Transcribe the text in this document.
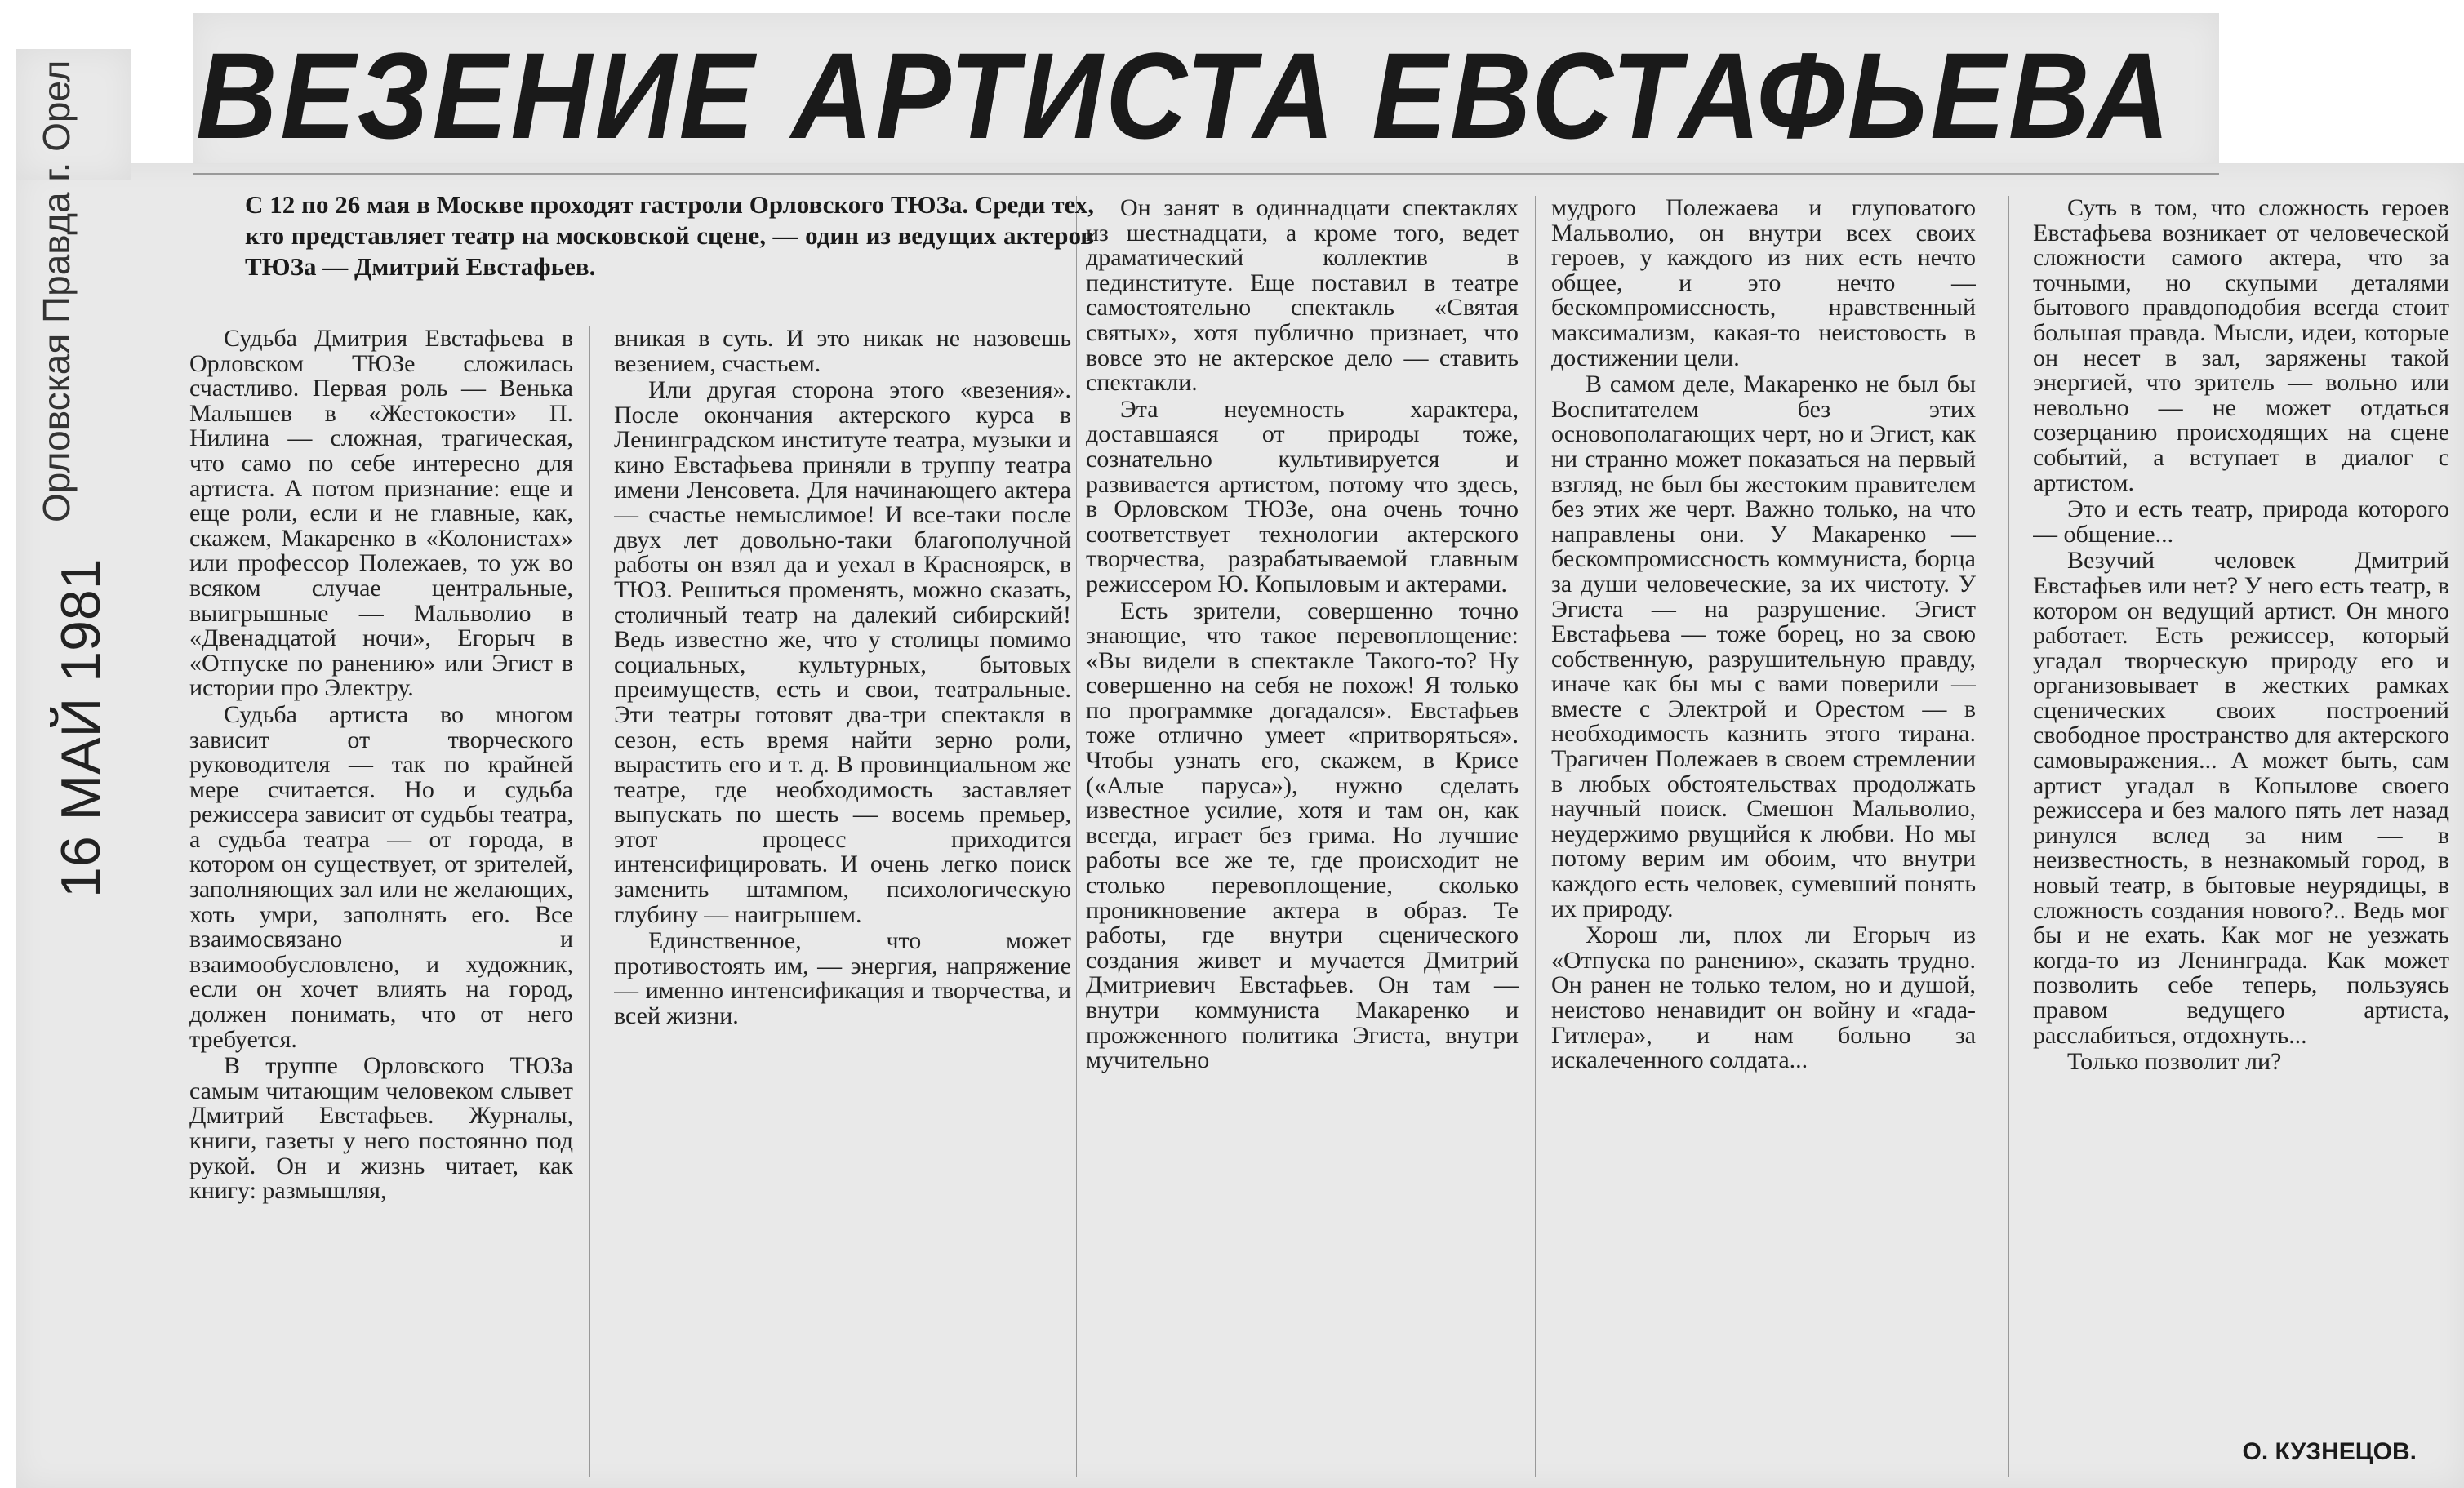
ВЕЗЕНИЕ АРТИСТА ЕВСТАФЬЕВА
Орловская Правда г. Орел
16 МАЙ 1981
С 12 по 26 мая в Москве проходят гастроли Орловского ТЮЗа. Среди тех, кто представляет театр на московской сцене, — один из ведущих актеров ТЮЗа — Дмитрий Евстафьев.

Судьба Дмитрия Евстафьева в Орловском ТЮЗе сложилась счастливо. Первая роль — Венька Малышев в «Жестокости» П. Нилина — сложная, трагическая, что само по себе интересно для артиста. А потом признание: еще и еще роли, если и не главные, как, скажем, Макаренко в «Колонистах» или профессор Полежаев, то уж во всяком случае центральные, выигрышные — Мальволио в «Двенадцатой ночи», Егорыч в «Отпуске по ранению» или Эгист в истории про Электру.

Судьба артиста во многом зависит от творческого руководителя — так по крайней мере считается. Но и судьба режиссера зависит от судьбы театра, а судьба театра — от города, в котором он существует, от зрителей, заполняющих зал или не желающих, хоть умри, заполнять его. Все взаимосвязано и взаимообусловлено, и художник, если он хочет влиять на город, должен понимать, что от него требуется.

В труппе Орловского ТЮЗа самым читающим человеком слывет Дмитрий Евстафьев. Журналы, книги, газеты у него постоянно под рукой. Он и жизнь читает, как книгу: размышляя,

вникая в суть. И это никак не назовешь везением, счастьем.

Или другая сторона этого «везения». После окончания актерского курса в Ленинградском институте театра, музыки и кино Евстафьева приняли в труппу театра имени Ленсовета. Для начинающего актера — счастье немыслимое! И все-таки после двух лет довольно-таки благополучной работы он взял да и уехал в Красноярск, в ТЮЗ. Решиться променять, можно сказать, столичный театр на далекий сибирский! Ведь известно же, что у столицы помимо социальных, культурных, бытовых преимуществ, есть и свои, театральные. Эти театры готовят два-три спектакля в сезон, есть время найти зерно роли, вырастить его и т. д. В провинциальном же театре, где необходимость заставляет выпускать по шесть — восемь премьер, этот процесс приходится интенсифицировать. И очень легко поиск заменить штампом, психологическую глубину — наигрышем.

Единственное, что может противостоять им, — энергия, напряжение — именно интенсификация и творчества, и всей жизни.

Он занят в одиннадцати спектаклях из шестнадцати, а кроме того, ведет драматический коллектив в пединституте. Еще поставил в театре самостоятельно спектакль «Святая святых», хотя публично признает, что вовсе это не актерское дело — ставить спектакли.

Эта неуемность характера, доставшаяся от природы тоже, сознательно культивируется и развивается артистом, потому что здесь, в Орловском ТЮЗе, она очень точно соответствует технологии актерского творчества, разрабатываемой главным режиссером Ю. Копыловым и актерами.

Есть зрители, совершенно точно знающие, что такое перевоплощение: «Вы видели в спектакле Такого-то? Ну совершенно на себя не похож! Я только по программке догадался». Евстафьев тоже отлично умеет «притворяться». Чтобы узнать его, скажем, в Крисе («Алые паруса»), нужно сделать известное усилие, хотя и там он, как всегда, играет без грима. Но лучшие работы все же те, где происходит не столько перевоплощение, сколько проникновение актера в образ. Те работы, где внутри сценического создания живет и мучается Дмитрий Дмитриевич Евстафьев. Он там — внутри коммуниста Макаренко и прожженного политика Эгиста, внутри мучительно

мудрого Полежаева и глуповатого Мальволио, он внутри всех своих героев, у каждого из них есть нечто общее, и это нечто — бескомпромиссность, нравственный максимализм, какая-то неистовость в достижении цели.

В самом деле, Макаренко не был бы Воспитателем без этих основополагающих черт, но и Эгист, как ни странно может показаться на первый взгляд, не был бы жестоким правителем без этих же черт. Важно только, на что направлены они. У Макаренко — бескомпромиссность коммуниста, борца за души человеческие, за их чистоту. У Эгиста — на разрушение. Эгист Евстафьева — тоже борец, но за свою собственную, разрушительную правду, иначе как бы мы с вами поверили — вместе с Электрой и Орестом — в необходимость казнить этого тирана. Трагичен Полежаев в своем стремлении в любых обстоятельствах продолжать научный поиск. Смешон Мальволио, неудержимо рвущийся к любви. Но мы потому верим им обоим, что внутри каждого есть человек, сумевший понять их природу.

Хорош ли, плох ли Егорыч из «Отпуска по ранению», сказать трудно. Он ранен не только телом, но и душой, неистово ненавидит он войну и «гада-Гитлера», и нам больно за искалеченного солдата...

Суть в том, что сложность героев Евстафьева возникает от человеческой сложности самого актера, что за точными, но скупыми деталями бытового правдоподобия всегда стоит большая правда. Мысли, идеи, которые он несет в зал, заряжены такой энергией, что зритель — вольно или невольно — не может отдаться созерцанию происходящих на сцене событий, а вступает в диалог с артистом.

Это и есть театр, природа которого — общение...

Везучий человек Дмитрий Евстафьев или нет? У него есть театр, в котором он ведущий артист. Он много работает. Есть режиссер, который угадал творческую природу его и организовывает в жестких рамках сценических своих построений свободное пространство для актерского самовыражения... А может быть, сам артист угадал в Копылове своего режиссера и без малого пять лет назад ринулся вслед за ним — в неизвестность, в незнакомый город, в новый театр, в бытовые неурядицы, в сложность создания нового?.. Ведь мог бы и не ехать. Как мог не уезжать когда-то из Ленинграда. Как может позволить себе теперь, пользуясь правом ведущего артиста, расслабиться, отдохнуть...

Только позволит ли?

О. КУЗНЕЦОВ.
